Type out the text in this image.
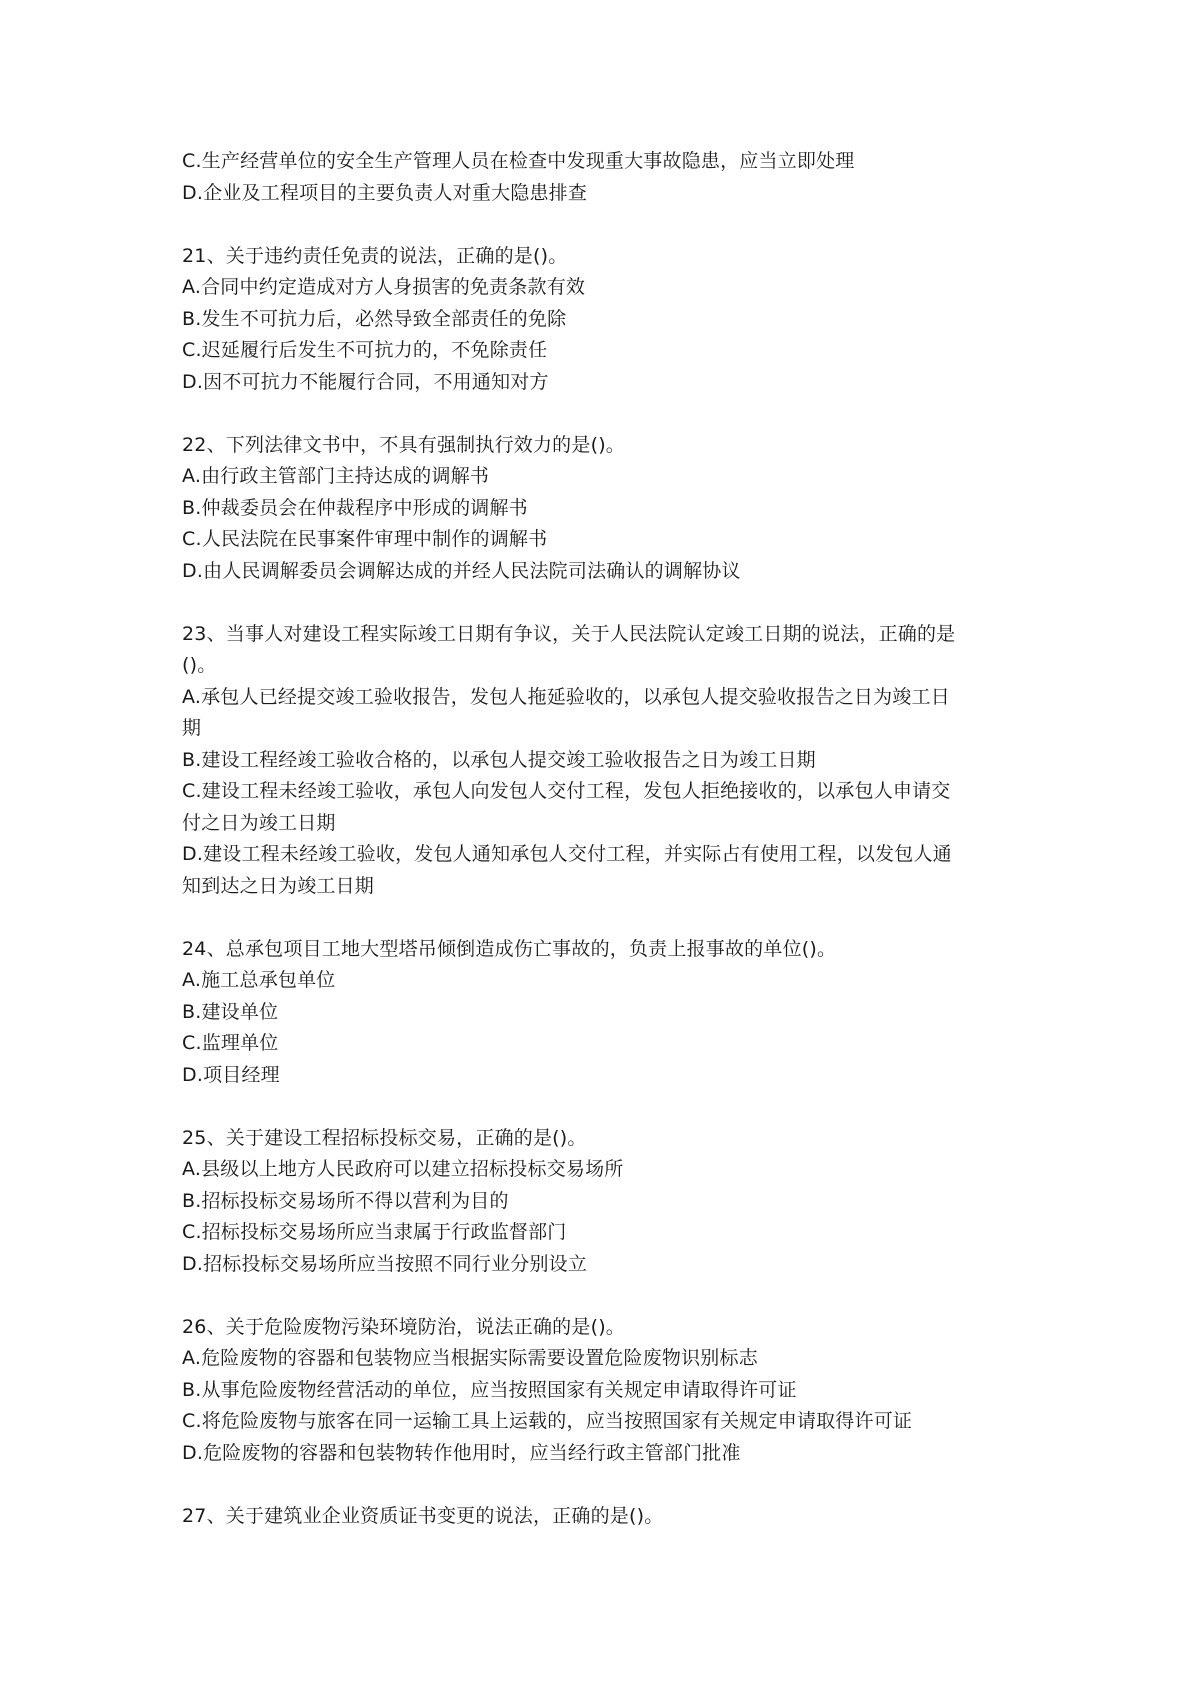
C.生产经营单位的安全生产管理人员在检查中发现重大事故隐患，应当立即处理
D.企业及工程项目的主要负责人对重大隐患排查
21、关于违约责任免责的说法，正确的是()。
A.合同中约定造成对方人身损害的免责条款有效
B.发生不可抗力后，必然导致全部责任的免除
C.迟延履行后发生不可抗力的，不免除责任
D.因不可抗力不能履行合同，不用通知对方
22、下列法律文书中，不具有强制执行效力的是()。
A.由行政主管部门主持达成的调解书
B.仲裁委员会在仲裁程序中形成的调解书
C.人民法院在民事案件审理中制作的调解书
D.由人民调解委员会调解达成的并经人民法院司法确认的调解协议
23、当事人对建设工程实际竣工日期有争议，关于人民法院认定竣工日期的说法，正确的是
()。
A.承包人已经提交竣工验收报告，发包人拖延验收的，以承包人提交验收报告之日为竣工日
期
B.建设工程经竣工验收合格的，以承包人提交竣工验收报告之日为竣工日期
C.建设工程未经竣工验收，承包人向发包人交付工程，发包人拒绝接收的，以承包人申请交
付之日为竣工日期
D.建设工程未经竣工验收，发包人通知承包人交付工程，并实际占有使用工程，以发包人通
知到达之日为竣工日期
24、总承包项目工地大型塔吊倾倒造成伤亡事故的，负责上报事故的单位()。
A.施工总承包单位
B.建设单位
C.监理单位
D.项目经理
25、关于建设工程招标投标交易，正确的是()。
A.县级以上地方人民政府可以建立招标投标交易场所
B.招标投标交易场所不得以营利为目的
C.招标投标交易场所应当隶属于行政监督部门
D.招标投标交易场所应当按照不同行业分别设立
26、关于危险废物污染环境防治，说法正确的是()。
A.危险废物的容器和包装物应当根据实际需要设置危险废物识别标志
B.从事危险废物经营活动的单位，应当按照国家有关规定申请取得许可证
C.将危险废物与旅客在同一运输工具上运载的，应当按照国家有关规定申请取得许可证
D.危险废物的容器和包装物转作他用时，应当经行政主管部门批准
27、关于建筑业企业资质证书变更的说法，正确的是()。
